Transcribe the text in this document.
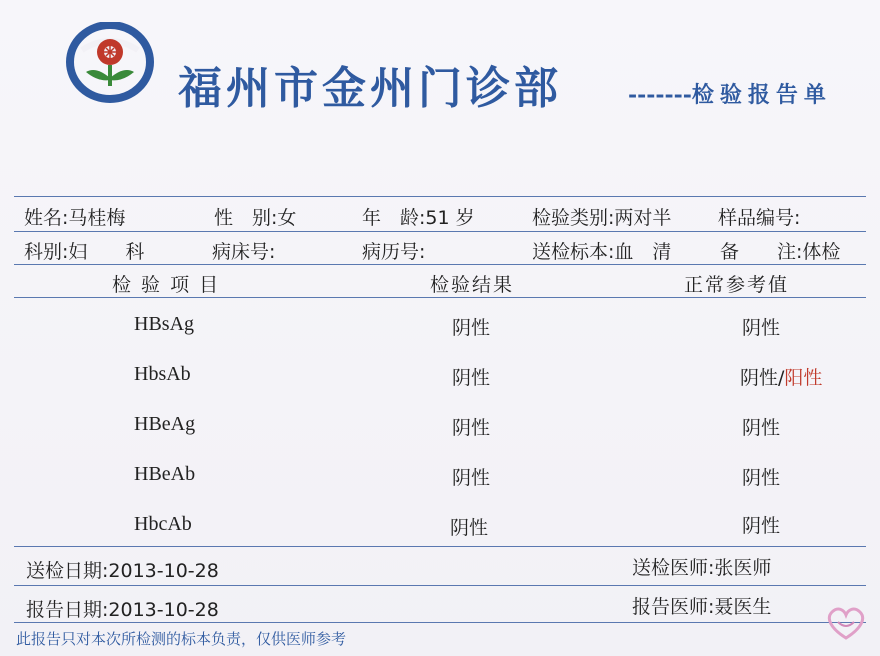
福州市金州门诊部	-------检验报告单
姓名:马桂梅	性　别:女	年　龄:51 岁	检验类别:两对半 样品编号:
科别:妇　　科	病床号:	病历号:	送检标本:血　清	备　　注:体检
检 验 项 目	检验结果	正常参考值
HBsAg	阴性	阴性
HbsAb	阴性	阴性/阳性
HBeAg	阴性	阴性
HBeAb	阴性	阴性
HbcAb	阴性	阴性
送检日期:2013-10-28	送检医师:张医师
报告日期:2013-10-28	报告医师:聂医生
此报告只对本次所检测的标本负责，仅供医师参考
